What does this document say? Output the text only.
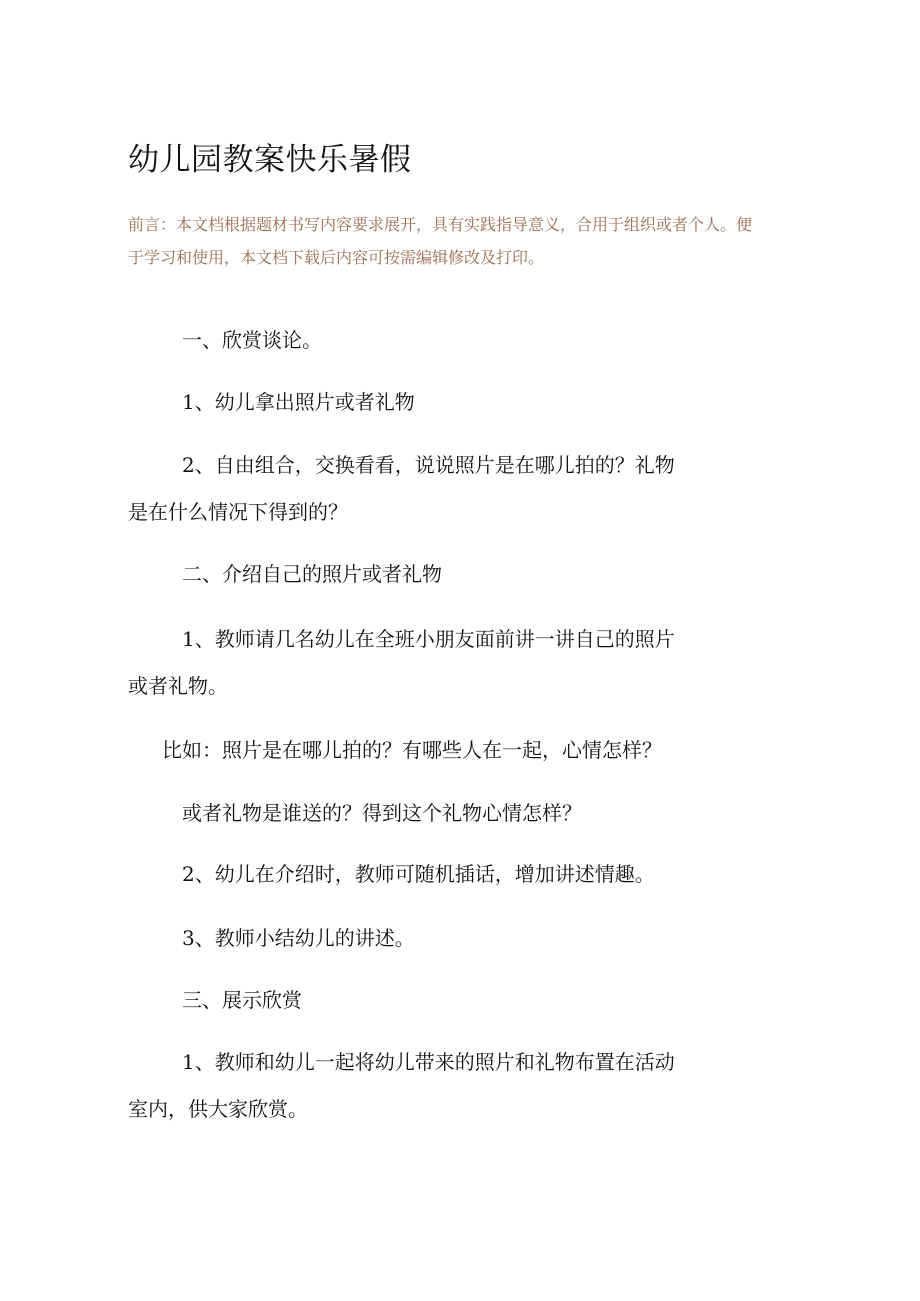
幼儿园教案快乐暑假
前言：本文档根据题材书写内容要求展开，具有实践指导意义，合用于组织或者个人。便
于学习和使用，本文档下载后内容可按需编辑修改及打印。
一、欣赏谈论。
1、幼儿拿出照片或者礼物
2、自由组合，交换看看，说说照片是在哪儿拍的？礼物
是在什么情况下得到的？
二、介绍自己的照片或者礼物
1、教师请几名幼儿在全班小朋友面前讲一讲自己的照片
或者礼物。
比如：照片是在哪儿拍的？有哪些人在一起，心情怎样？
或者礼物是谁送的？得到这个礼物心情怎样？
2、幼儿在介绍时，教师可随机插话，增加讲述情趣。
3、教师小结幼儿的讲述。
三、展示欣赏
1、教师和幼儿一起将幼儿带来的照片和礼物布置在活动
室内，供大家欣赏。
